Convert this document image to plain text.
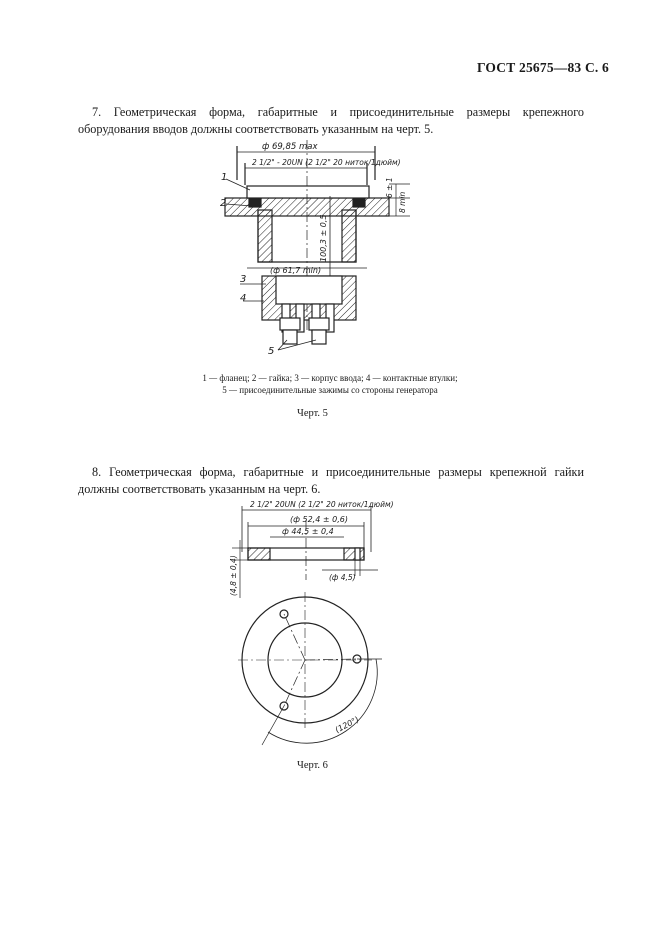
ГОСТ 25675—83 С. 6

7. Геометрическая форма, габаритные и присоединительные размеры крепежного оборудования вводов должны соответствовать указанным на черт. 5.

ф 69,85 max
2 1/2" - 20UN (2 1/2" 20 ниток/1дюйм)
100,3 ± 0,5
(ф 61,7 min)
6 ± 1
8 min
1
2
3
4
5
2 1/2" 20UN (2 1/2" 20 ниток/1дюйм)
(ф 52,4 ± 0,6)
ф 44,5 ± 0,4
(ф 4,5)
(4,8 ± 0,4)
(120°)
1 — фланец; 2 — гайка; 3 — корпус ввода; 4 — контактные втулки;
5 — присоединительные зажимы со стороны генератора
Черт. 5

8. Геометрическая форма, габаритные и присоединительные размеры крепежной гайки должны соответствовать указанным на черт. 6.

Черт. 6
